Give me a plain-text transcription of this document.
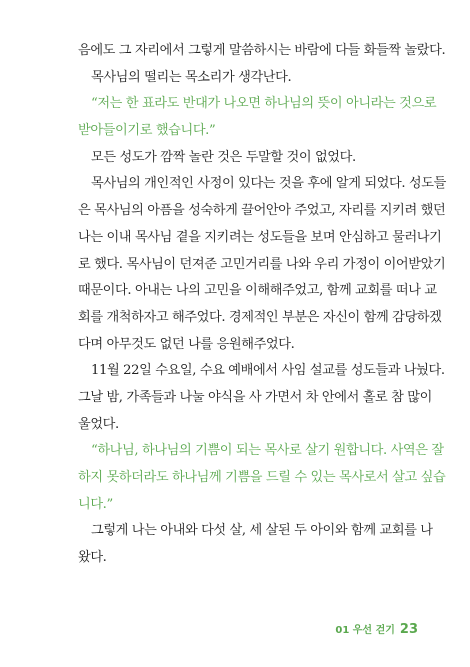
음에도 그 자리에서 그렇게 말씀하시는 바람에 다들 화들짝 놀랐다.
목사님의 떨리는 목소리가 생각난다.
“저는 한 표라도 반대가 나오면 하나님의 뜻이 아니라는 것으로
받아들이기로 했습니다.”
모든 성도가 깜짝 놀란 것은 두말할 것이 없었다.
목사님의 개인적인 사정이 있다는 것을 후에 알게 되었다. 성도들
은 목사님의 아픔을 성숙하게 끌어안아 주었고, 자리를 지키려 했던
나는 이내 목사님 곁을 지키려는 성도들을 보며 안심하고 물러나기
로 했다. 목사님이 던져준 고민거리를 나와 우리 가정이 이어받았기
때문이다. 아내는 나의 고민을 이해해주었고, 함께 교회를 떠나 교
회를 개척하자고 해주었다. 경제적인 부분은 자신이 함께 감당하겠
다며 아무것도 없던 나를 응원해주었다.
11월 22일 수요일, 수요 예배에서 사임 설교를 성도들과 나눴다.
그날 밤, 가족들과 나눌 야식을 사 가면서 차 안에서 홀로 참 많이
울었다.
“하나님, 하나님의 기쁨이 되는 목사로 살기 원합니다. 사역은 잘
하지 못하더라도 하나님께 기쁨을 드릴 수 있는 목사로서 살고 싶습
니다.”
그렇게 나는 아내와 다섯 살, 세 살된 두 아이와 함께 교회를 나
왔다.
01 우선 걷기 23
